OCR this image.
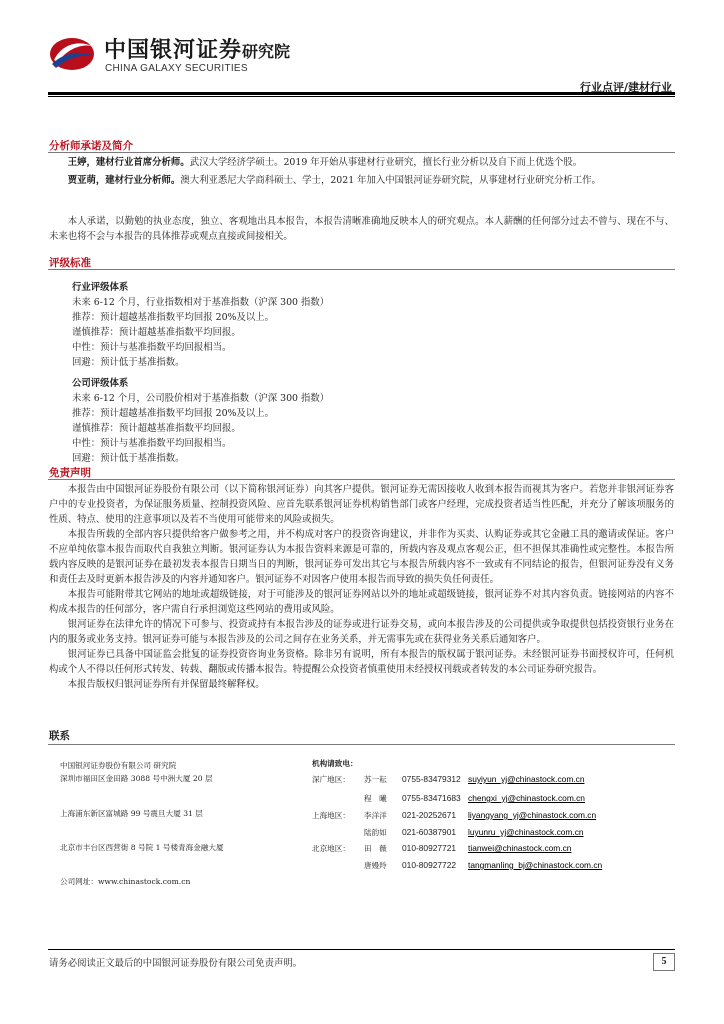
中国银河证券 研究院
CHINA GALAXY SECURITIES
行业点评/建材行业
分析师承诺及简介

王婷，建材行业首席分析师。武汉大学经济学硕士。2019 年开始从事建材行业研究，擅长行业分析以及自下而上优选个股。

贾亚萌，建材行业分析师。澳大利亚悉尼大学商科硕士、学士，2021 年加入中国银河证券研究院，从事建材行业研究分析工作。

本人承诺，以勤勉的执业态度，独立、客观地出具本报告，本报告清晰准确地反映本人的研究观点。本人薪酬的任何部分过去不曾与、现在不与、未来也将不会与本报告的具体推荐或观点直接或间接相关。

评级标准
行业评级体系
未来 6-12 个月，行业指数相对于基准指数（沪深 300 指数）
推荐：预计超越基准指数平均回报 20%及以上。
谨慎推荐：预计超越基准指数平均回报。
中性：预计与基准指数平均回报相当。
回避：预计低于基准指数。
公司评级体系
未来 6-12 个月，公司股价相对于基准指数（沪深 300 指数）
推荐：预计超越基准指数平均回报 20%及以上。
谨慎推荐：预计超越基准指数平均回报。
中性：预计与基准指数平均回报相当。
回避：预计低于基准指数。
免责声明

本报告由中国银河证券股份有限公司（以下简称银河证券）向其客户提供。银河证券无需因接收人收到本报告而视其为客户。若您并非银河证券客户中的专业投资者，为保证服务质量、控制投资风险、应首先联系银河证券机构销售部门或客户经理，完成投资者适当性匹配，并充分了解该项服务的性质、特点、使用的注意事项以及若不当使用可能带来的风险或损失。

本报告所载的全部内容只提供给客户做参考之用，并不构成对客户的投资咨询建议，并非作为买卖、认购证券或其它金融工具的邀请或保证。客户不应单纯依靠本报告而取代自我独立判断。银河证券认为本报告资料来源是可靠的，所载内容及观点客观公正，但不担保其准确性或完整性。本报告所载内容反映的是银河证券在最初发表本报告日期当日的判断，银河证券可发出其它与本报告所载内容不一致或有不同结论的报告，但银河证券没有义务和责任去及时更新本报告涉及的内容并通知客户。银河证券不对因客户使用本报告而导致的损失负任何责任。

本报告可能附带其它网站的地址或超级链接，对于可能涉及的银河证券网站以外的地址或超级链接，银河证券不对其内容负责。链接网站的内容不构成本报告的任何部分，客户需自行承担浏览这些网站的费用或风险。

银河证券在法律允许的情况下可参与、投资或持有本报告涉及的证券或进行证券交易，或向本报告涉及的公司提供或争取提供包括投资银行业务在内的服务或业务支持。银河证券可能与本报告涉及的公司之间存在业务关系，并无需事先或在获得业务关系后通知客户。

银河证券已具备中国证监会批复的证券投资咨询业务资格。除非另有说明，所有本报告的版权属于银河证券。未经银河证券书面授权许可，任何机构或个人不得以任何形式转发、转载、翻版或传播本报告。特提醒公众投资者慎重使用未经授权刊载或者转发的本公司证券研究报告。

本报告版权归银河证券所有并保留最终解释权。

联系
中国银河证券股份有限公司 研究院
深圳市福田区金田路 3088 号中洲大厦 20 层
上海浦东新区富城路 99 号震旦大厦 31 层
北京市丰台区西营街 8 号院 1 号楼青海金融大厦
公司网址：www.chinastock.com.cn
机构请致电：
深广地区： 苏一耘 0755-83479312 suyiyun_yj@chinastock.com.cn
程　曦 0755-83471683 chengxi_yj@chinastock.com.cn
上海地区： 李洋洋 021-20252671 liyangyang_yj@chinastock.com.cn
陆韵如 021-60387901 luyunru_yj@chinastock.com.cn
北京地区： 田　薇 010-80927721 tianwei@chinastock.com.cn
唐嫚羚 010-80927722 tangmanling_bj@chinastock.com.cn
请务必阅读正文最后的中国银河证券股份有限公司免责声明。	5
